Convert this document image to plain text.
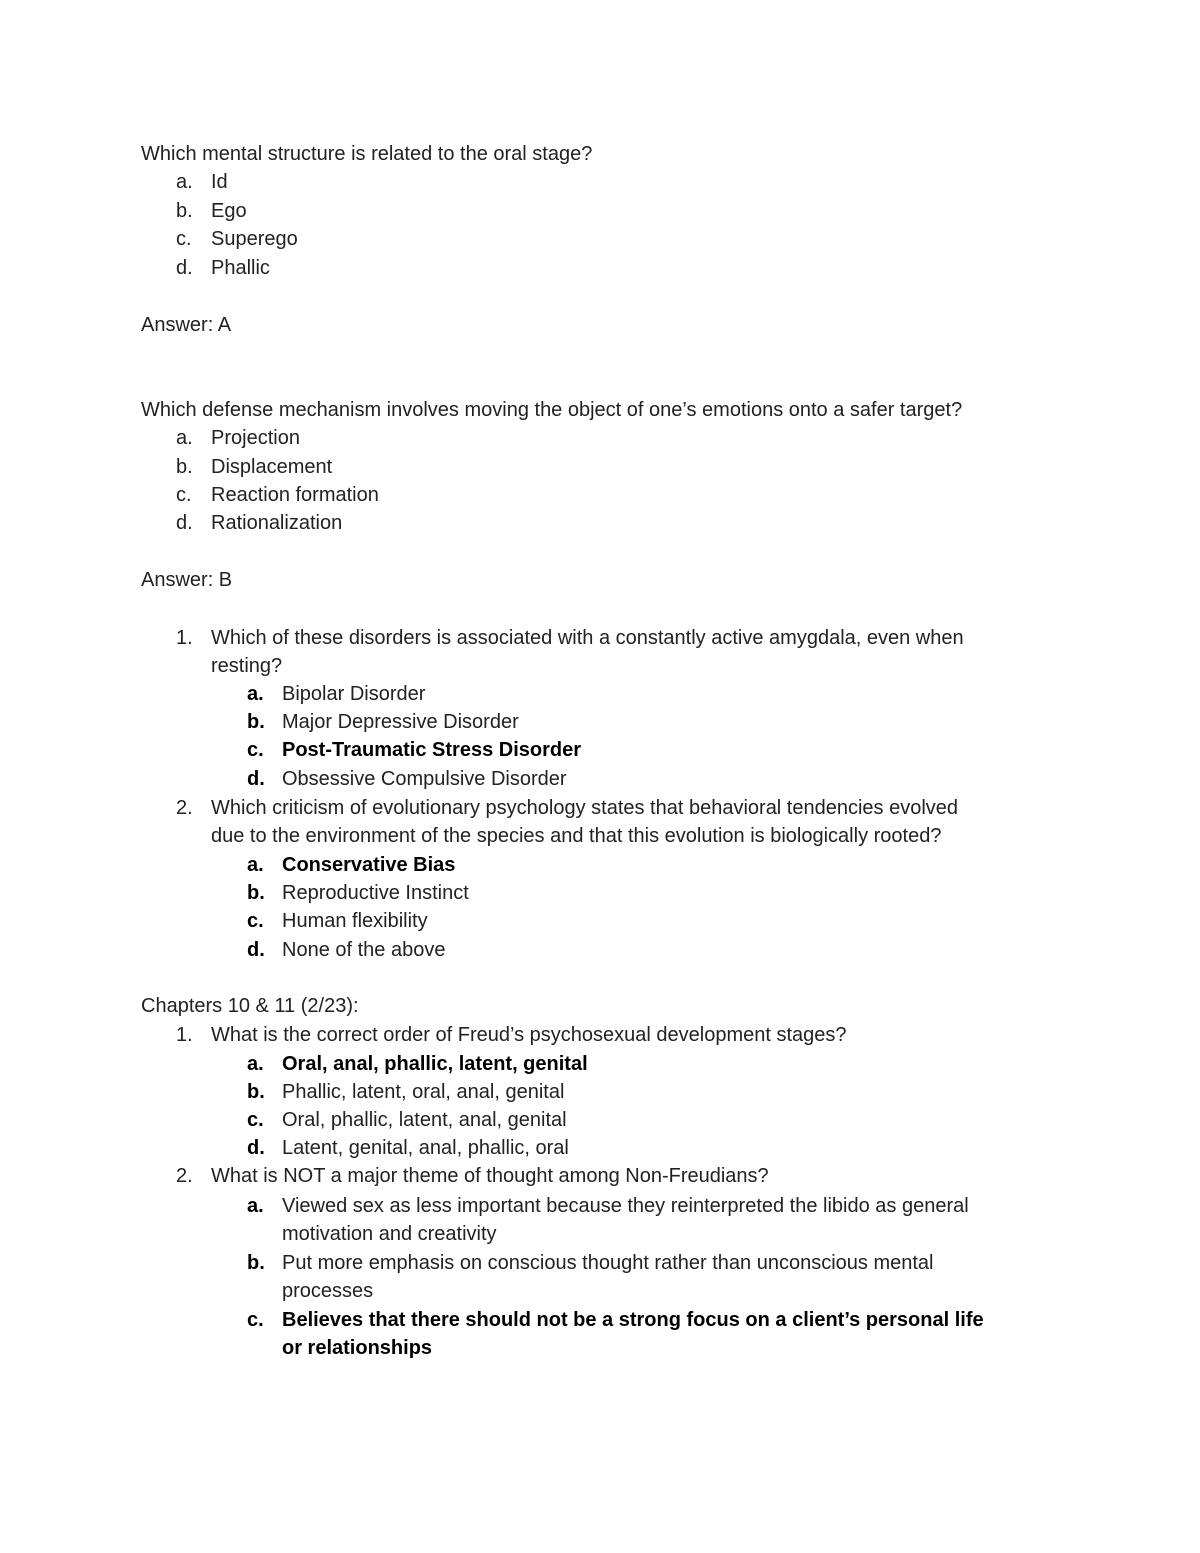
Which mental structure is related to the oral stage?
a. Id
b. Ego
c. Superego
d. Phallic
Answer: A
Which defense mechanism involves moving the object of one’s emotions onto a safer target?
a. Projection
b. Displacement
c. Reaction formation
d. Rationalization
Answer: B
1. Which of these disorders is associated with a constantly active amygdala, even when
resting?
a. Bipolar Disorder
b. Major Depressive Disorder
c. Post-Traumatic Stress Disorder
d. Obsessive Compulsive Disorder
2. Which criticism of evolutionary psychology states that behavioral tendencies evolved
due to the environment of the species and that this evolution is biologically rooted?
a. Conservative Bias
b. Reproductive Instinct
c. Human flexibility
d. None of the above
Chapters 10 & 11 (2/23):
1. What is the correct order of Freud’s psychosexual development stages?
a. Oral, anal, phallic, latent, genital
b. Phallic, latent, oral, anal, genital
c. Oral, phallic, latent, anal, genital
d. Latent, genital, anal, phallic, oral
2. What is NOT a major theme of thought among Non-Freudians?
a. Viewed sex as less important because they reinterpreted the libido as general
motivation and creativity
b. Put more emphasis on conscious thought rather than unconscious mental
processes
c. Believes that there should not be a strong focus on a client’s personal life
or relationships
